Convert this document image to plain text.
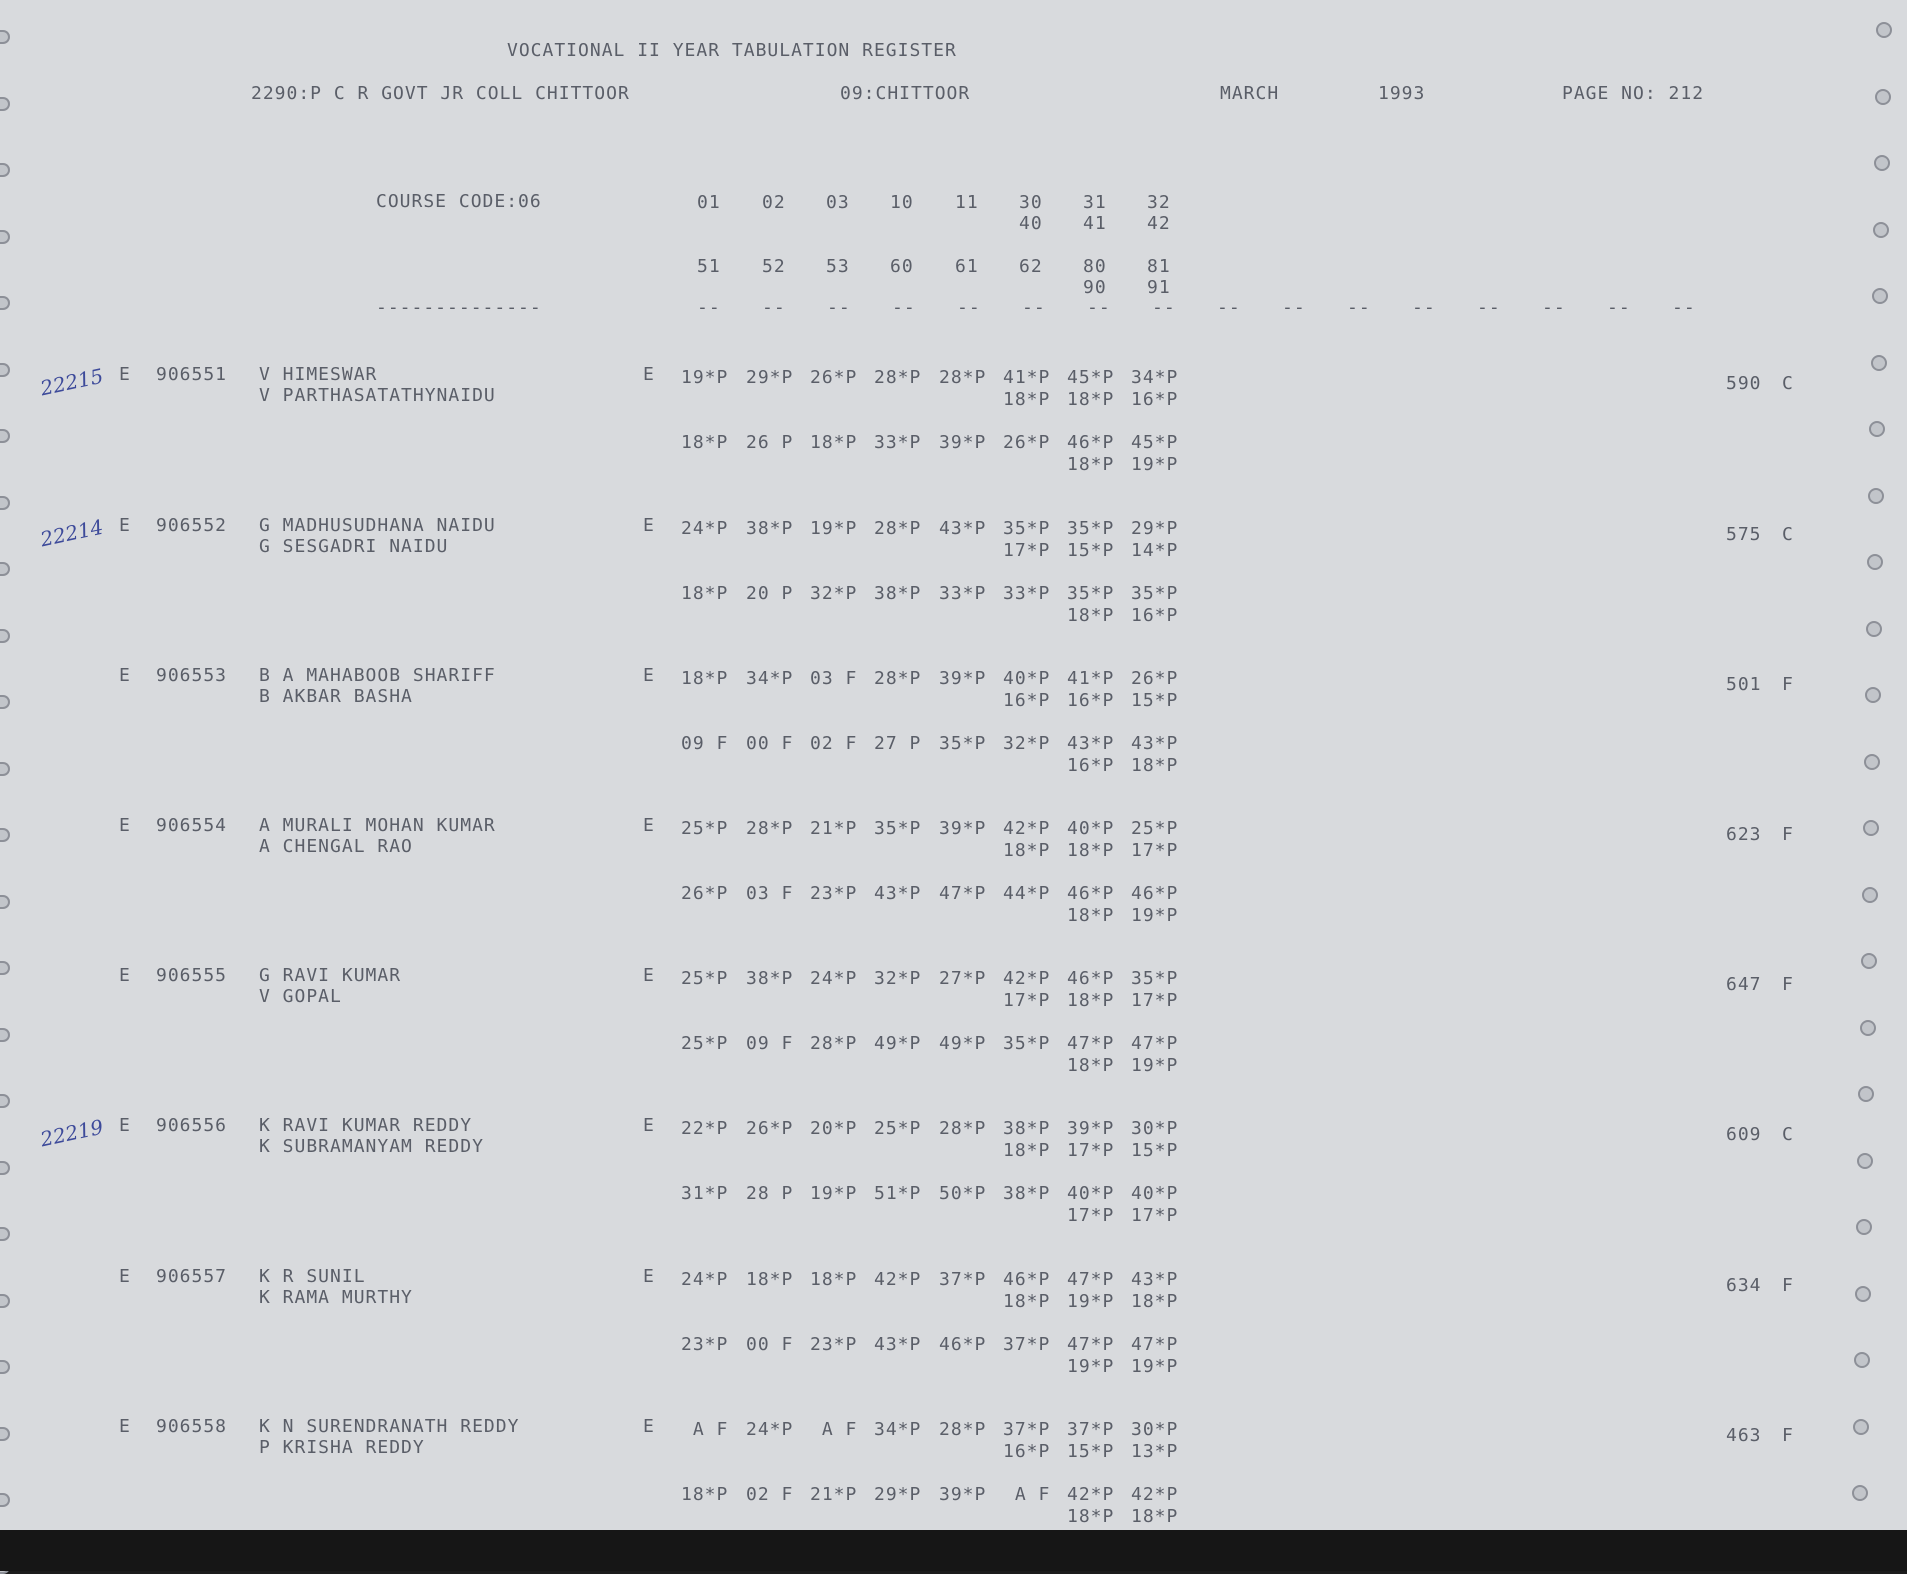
VOCATIONAL II YEAR TABULATION REGISTER
2290:P C R GOVT JR COLL CHITTOOR	09:CHITTOOR	MARCH	1993	PAGE NO: 212
COURSE CODE:06
--------------
01 02 03 10 11 30 31 32
40 41 42
51 52 53 60 61 62 80 81
90 91
-- -- -- -- -- -- -- -- -- -- -- -- -- -- -- --
E 906551 V HIMESWAR
V PARTHASATATHYNAIDU
E 19*P 29*P 26*P 28*P 28*P 41*P 45*P 34*P
18*P 18*P 16*P
18*P 26 P 18*P 33*P 39*P 26*P 46*P 45*P
18*P 19*P
590 C
22215
E 906552 G MADHUSUDHANA NAIDU
G SESGADRI NAIDU
E 24*P 38*P 19*P 28*P 43*P 35*P 35*P 29*P
17*P 15*P 14*P
18*P 20 P 32*P 38*P 33*P 33*P 35*P 35*P
18*P 16*P
575 C
22214
E 906553 B A MAHABOOB SHARIFF
B AKBAR BASHA
E 18*P 34*P 03 F 28*P 39*P 40*P 41*P 26*P
16*P 16*P 15*P
09 F 00 F 02 F 27 P 35*P 32*P 43*P 43*P
16*P 18*P
501 F
E 906554 A MURALI MOHAN KUMAR
A CHENGAL RAO
E 25*P 28*P 21*P 35*P 39*P 42*P 40*P 25*P
18*P 18*P 17*P
26*P 03 F 23*P 43*P 47*P 44*P 46*P 46*P
18*P 19*P
623 F
E 906555 G RAVI KUMAR
V GOPAL
E 25*P 38*P 24*P 32*P 27*P 42*P 46*P 35*P
17*P 18*P 17*P
25*P 09 F 28*P 49*P 49*P 35*P 47*P 47*P
18*P 19*P
647 F
E 906556 K RAVI KUMAR REDDY
K SUBRAMANYAM REDDY
E 22*P 26*P 20*P 25*P 28*P 38*P 39*P 30*P
18*P 17*P 15*P
31*P 28 P 19*P 51*P 50*P 38*P 40*P 40*P
17*P 17*P
609 C
22219
E 906557 K R SUNIL
K RAMA MURTHY
E 24*P 18*P 18*P 42*P 37*P 46*P 47*P 43*P
18*P 19*P 18*P
23*P 00 F 23*P 43*P 46*P 37*P 47*P 47*P
19*P 19*P
634 F
E 906558 K N SURENDRANATH REDDY
P KRISHA REDDY
E A F 24*P A F 34*P 28*P 37*P 37*P 30*P
16*P 15*P 13*P
18*P 02 F 21*P 29*P 39*P A F 42*P 42*P
18*P 18*P
463 F
